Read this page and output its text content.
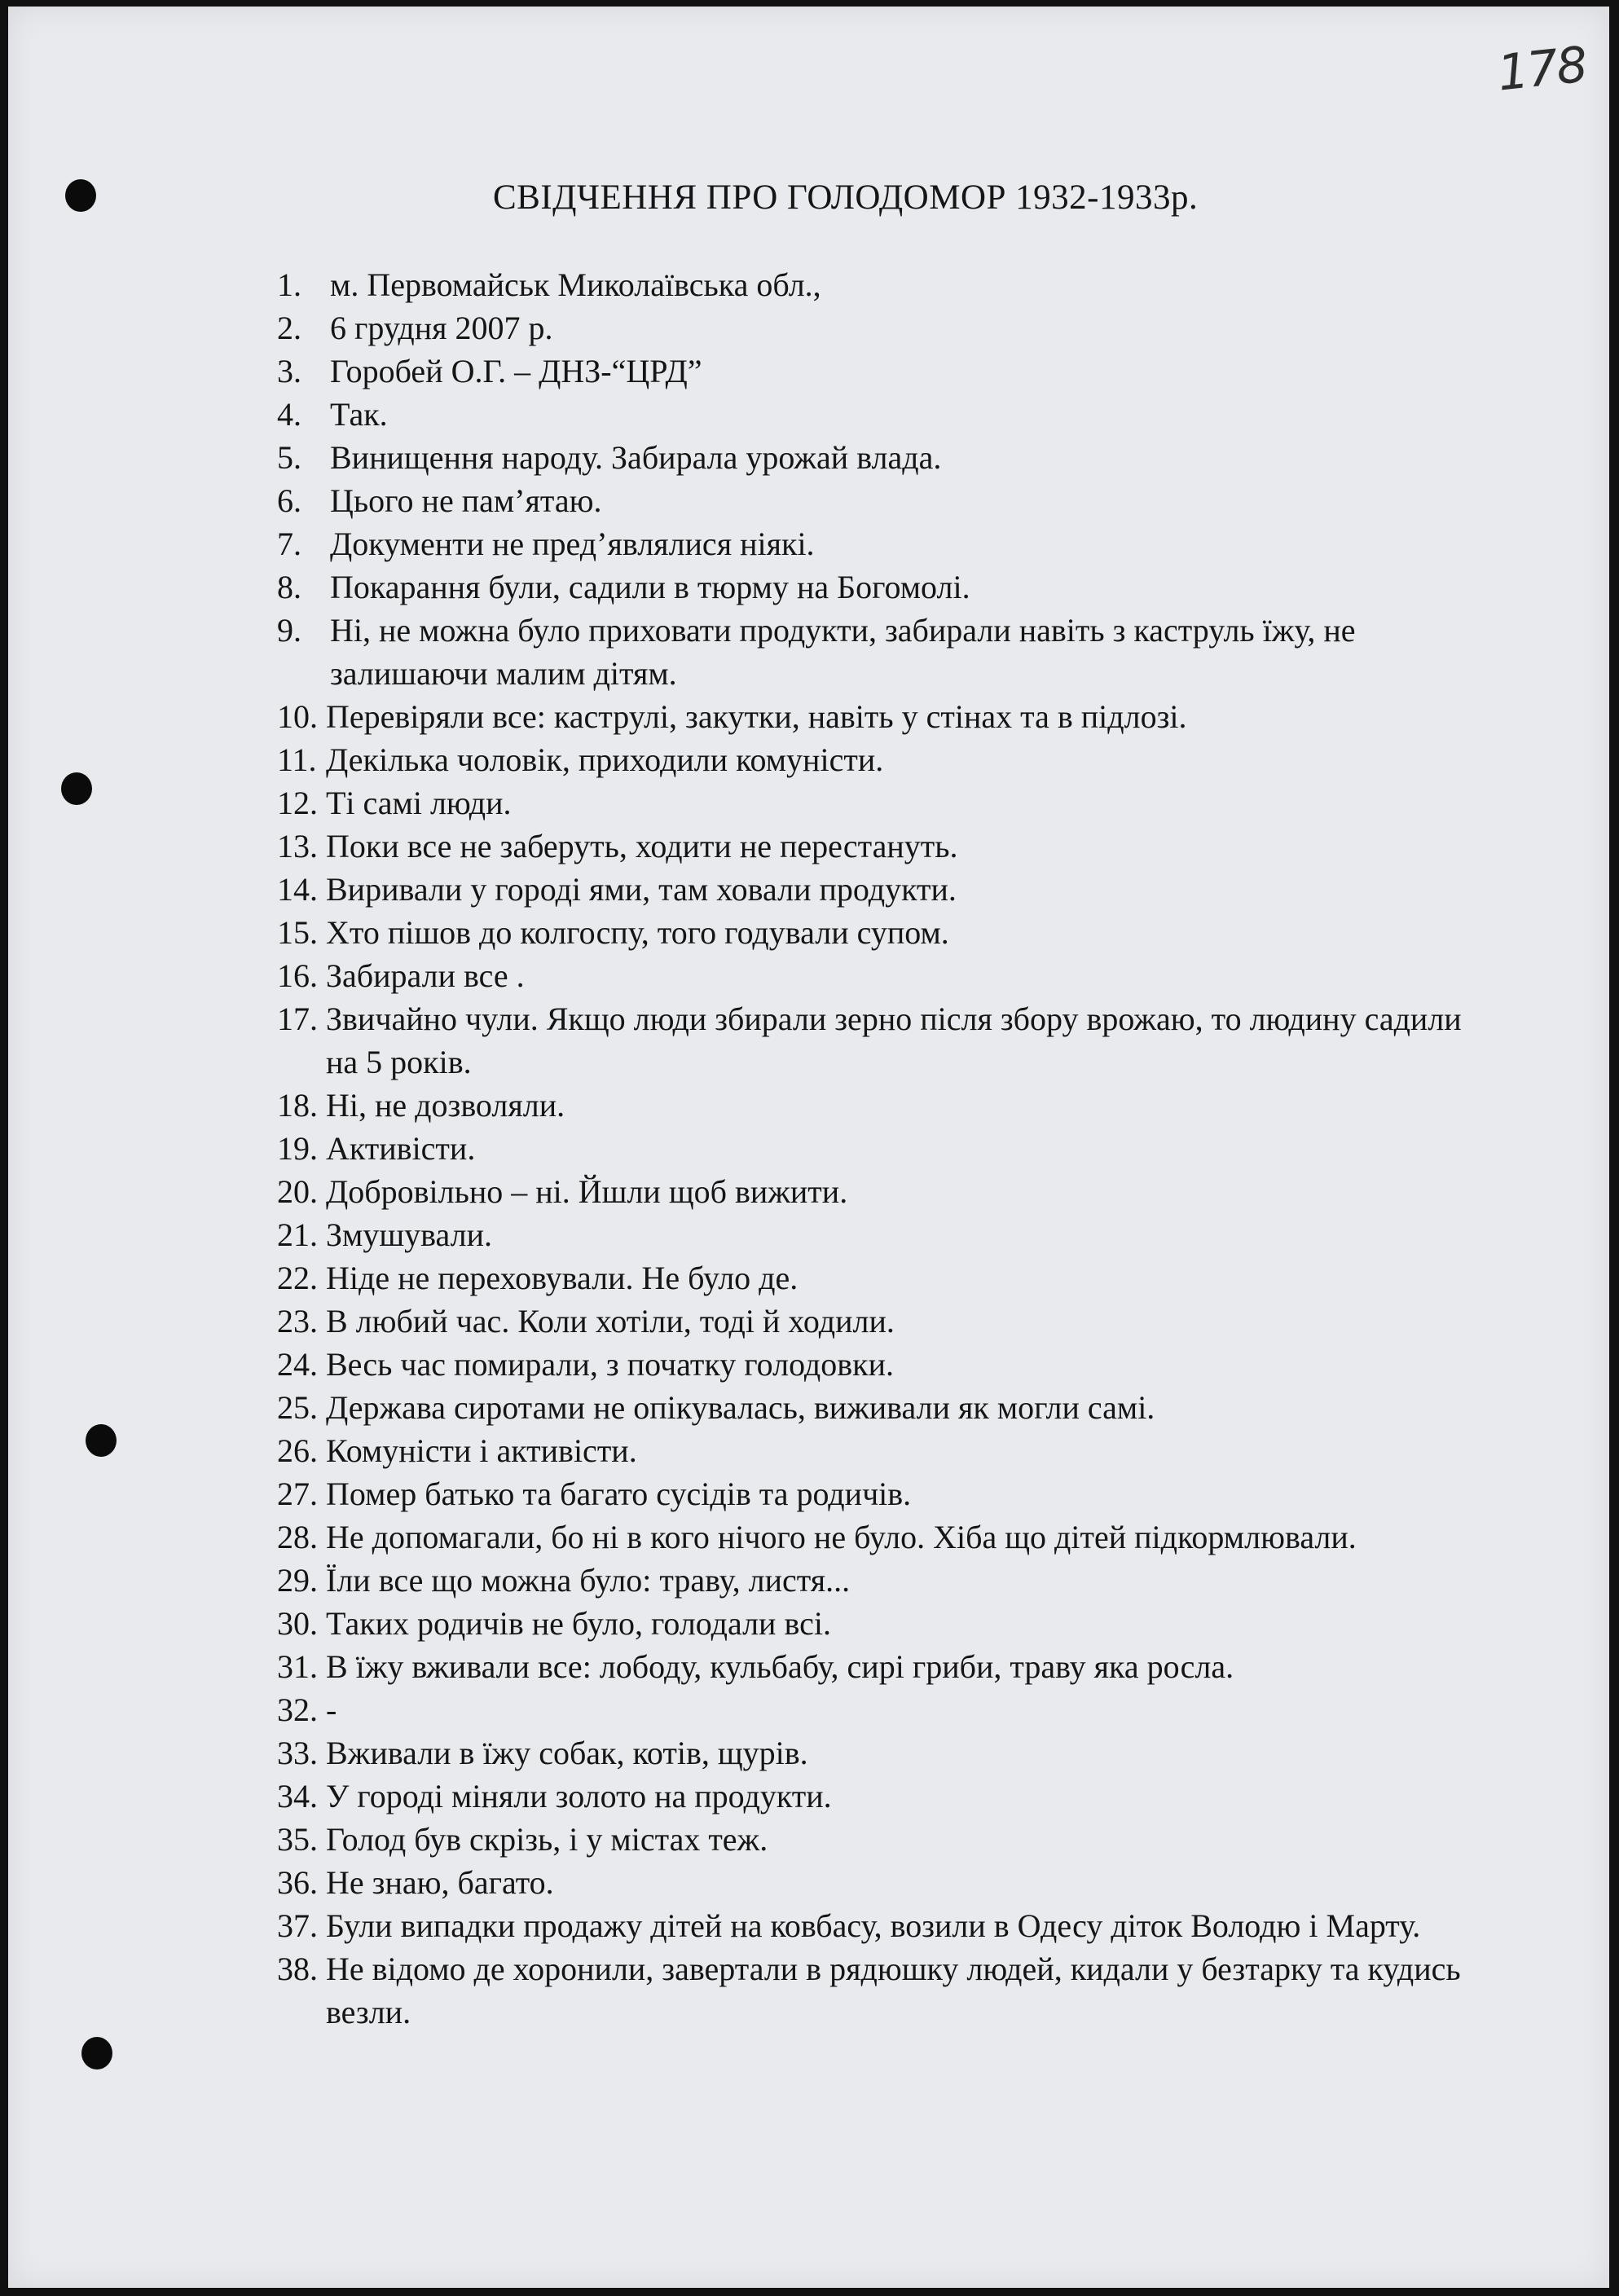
178
СВІДЧЕННЯ ПРО ГОЛОДОМОР 1932-1933р.
1. м. Первомайськ Миколаївська обл.,
2. 6 грудня 2007 р.
3. Горобей О.Г. – ДНЗ-“ЦРД”
4. Так.
5. Винищення народу. Забирала урожай влада.
6. Цього не пам’ятаю.
7. Документи не пред’являлися ніякі.
8. Покарання були, садили в тюрму на Богомолі.
9. Ні, не можна було приховати продукти, забирали навіть з каструль їжу, не залишаючи малим дітям.
10. Перевіряли все: каструлі, закутки, навіть у стінах та в підлозі.
11. Декілька чоловік, приходили комуністи.
12. Ті самі люди.
13. Поки все не заберуть, ходити не перестануть.
14. Виривали у городі ями, там ховали продукти.
15. Хто пішов до колгоспу, того годували супом.
16. Забирали все .
17. Звичайно чули. Якщо люди збирали зерно після збору врожаю, то людину садили на 5 років.
18. Ні, не дозволяли.
19. Активісти.
20. Добровільно – ні. Йшли щоб вижити.
21. Змушували.
22. Ніде не переховували. Не було де.
23. В любий час. Коли хотіли, тоді й ходили.
24. Весь час помирали, з початку голодовки.
25. Держава сиротами не опікувалась, виживали як могли самі.
26. Комуністи і активісти.
27. Помер батько та багато сусідів та родичів.
28. Не допомагали, бо ні в кого нічого не було. Хіба що дітей підкормлювали.
29. Їли все що можна було: траву, листя...
30. Таких родичів не було, голодали всі.
31. В їжу вживали все: лободу, кульбабу, сирі гриби, траву яка росла.
32. -
33. Вживали в їжу собак, котів, щурів.
34. У городі міняли золото на продукти.
35. Голод був скрізь, і у містах теж.
36. Не знаю, багато.
37. Були випадки продажу дітей на ковбасу, возили в Одесу діток Володю і Марту.
38. Не відомо де хоронили, завертали в рядюшку людей, кидали у безтарку та кудись везли.
